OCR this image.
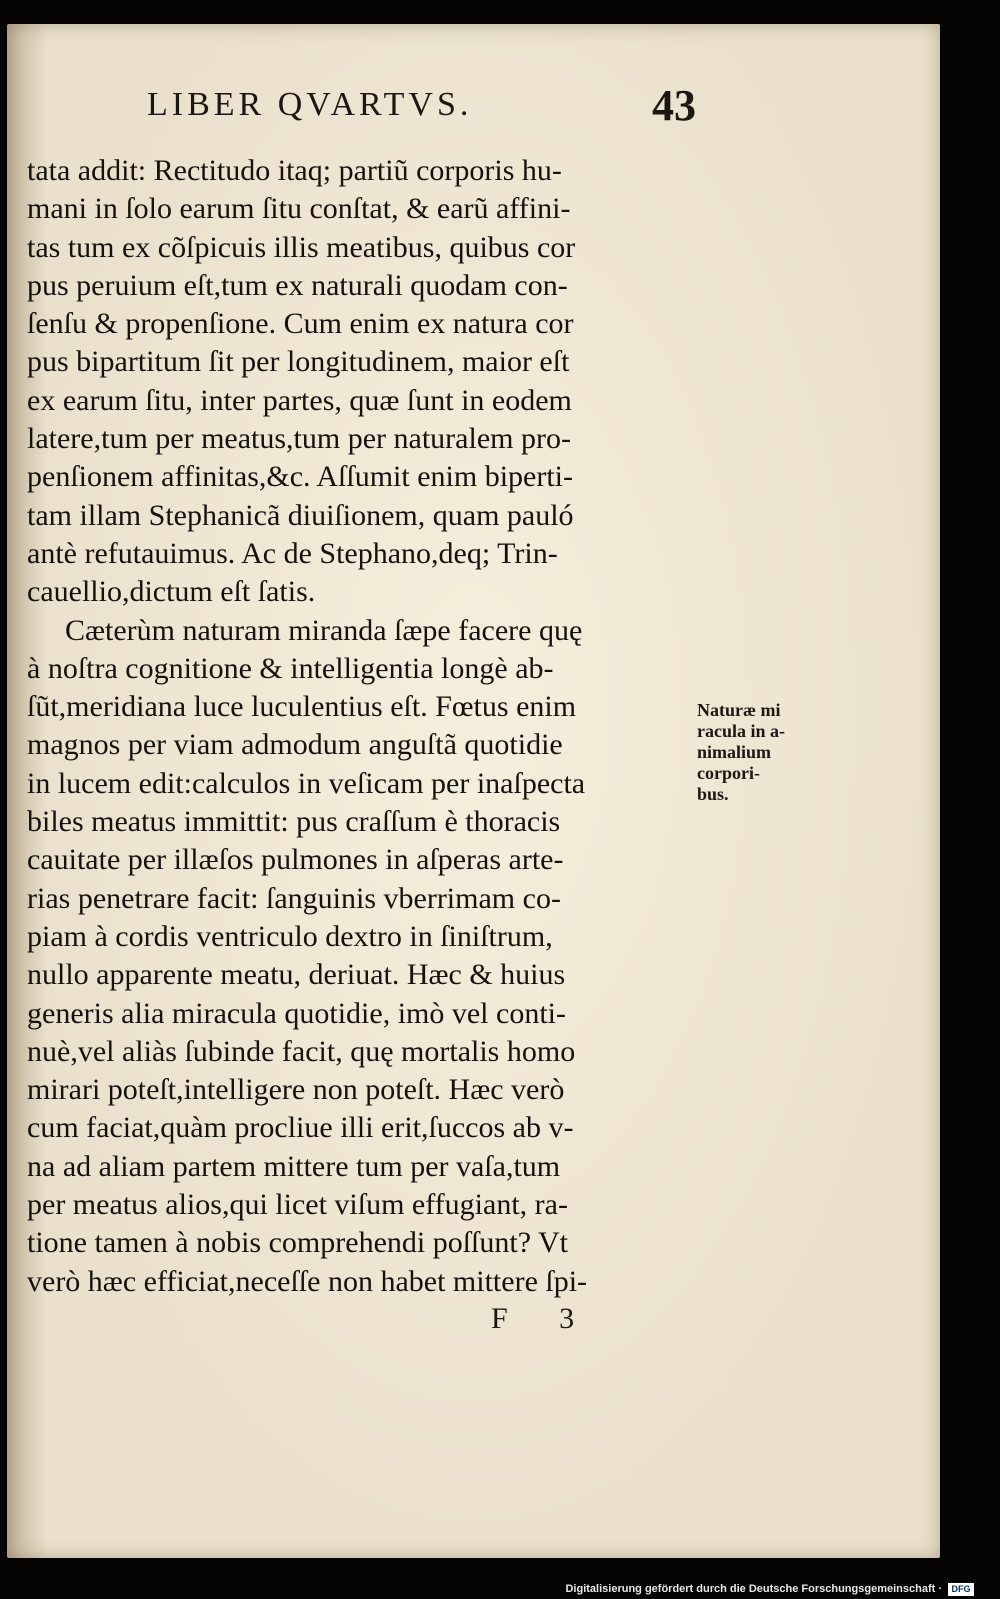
LIBER QVARTVS.	43
tata addit: Rectitudo itaq; partiũ corporis hu-
mani in ſolo earum ſitu conſtat, & earũ affini-
tas tum ex cõſpicuis illis meatibus, quibus cor
pus peruium eſt,tum ex naturali quodam con-
ſenſu & propenſione. Cum enim ex natura cor
pus bipartitum ſit per longitudinem, maior eſt
ex earum ſitu, inter partes, quæ ſunt in eodem
latere,tum per meatus,tum per naturalem pro-
penſionem affinitas,&c. Aſſumit enim biperti-
tam illam Stephanicã diuiſionem, quam pauló
antè refutauimus. Ac de Stephano,deq; Trin-
cauellio,dictum eſt ſatis.
Cæterùm naturam miranda ſæpe facere quę
à noſtra cognitione & intelligentia longè ab-
ſũt,meridiana luce luculentius eſt. Fœtus enim
magnos per viam admodum anguſtã quotidie
in lucem edit:calculos in veſicam per inaſpecta
biles meatus immittit: pus craſſum è thoracis
cauitate per illæſos pulmones in aſperas arte-
rias penetrare facit: ſanguinis vberrimam co-
piam à cordis ventriculo dextro in ſiniſtrum,
nullo apparente meatu, deriuat. Hæc & huius
generis alia miracula quotidie, imò vel conti-
nuè,vel aliàs ſubinde facit, quę mortalis homo
mirari poteſt,intelligere non poteſt. Hæc verò
cum faciat,quàm procliue illi erit,ſuccos ab v-
na ad aliam partem mittere tum per vaſa,tum
per meatus alios,qui licet viſum effugiant, ra-
tione tamen à nobis comprehendi poſſunt? Vt
verò hæc efficiat,neceſſe non habet mittere ſpi-
Naturæ mi
racula in a-
nimalium
corpori-
bus.
F 3
Digitalisierung gefördert durch die Deutsche Forschungsgemeinschaft ·	DFG
